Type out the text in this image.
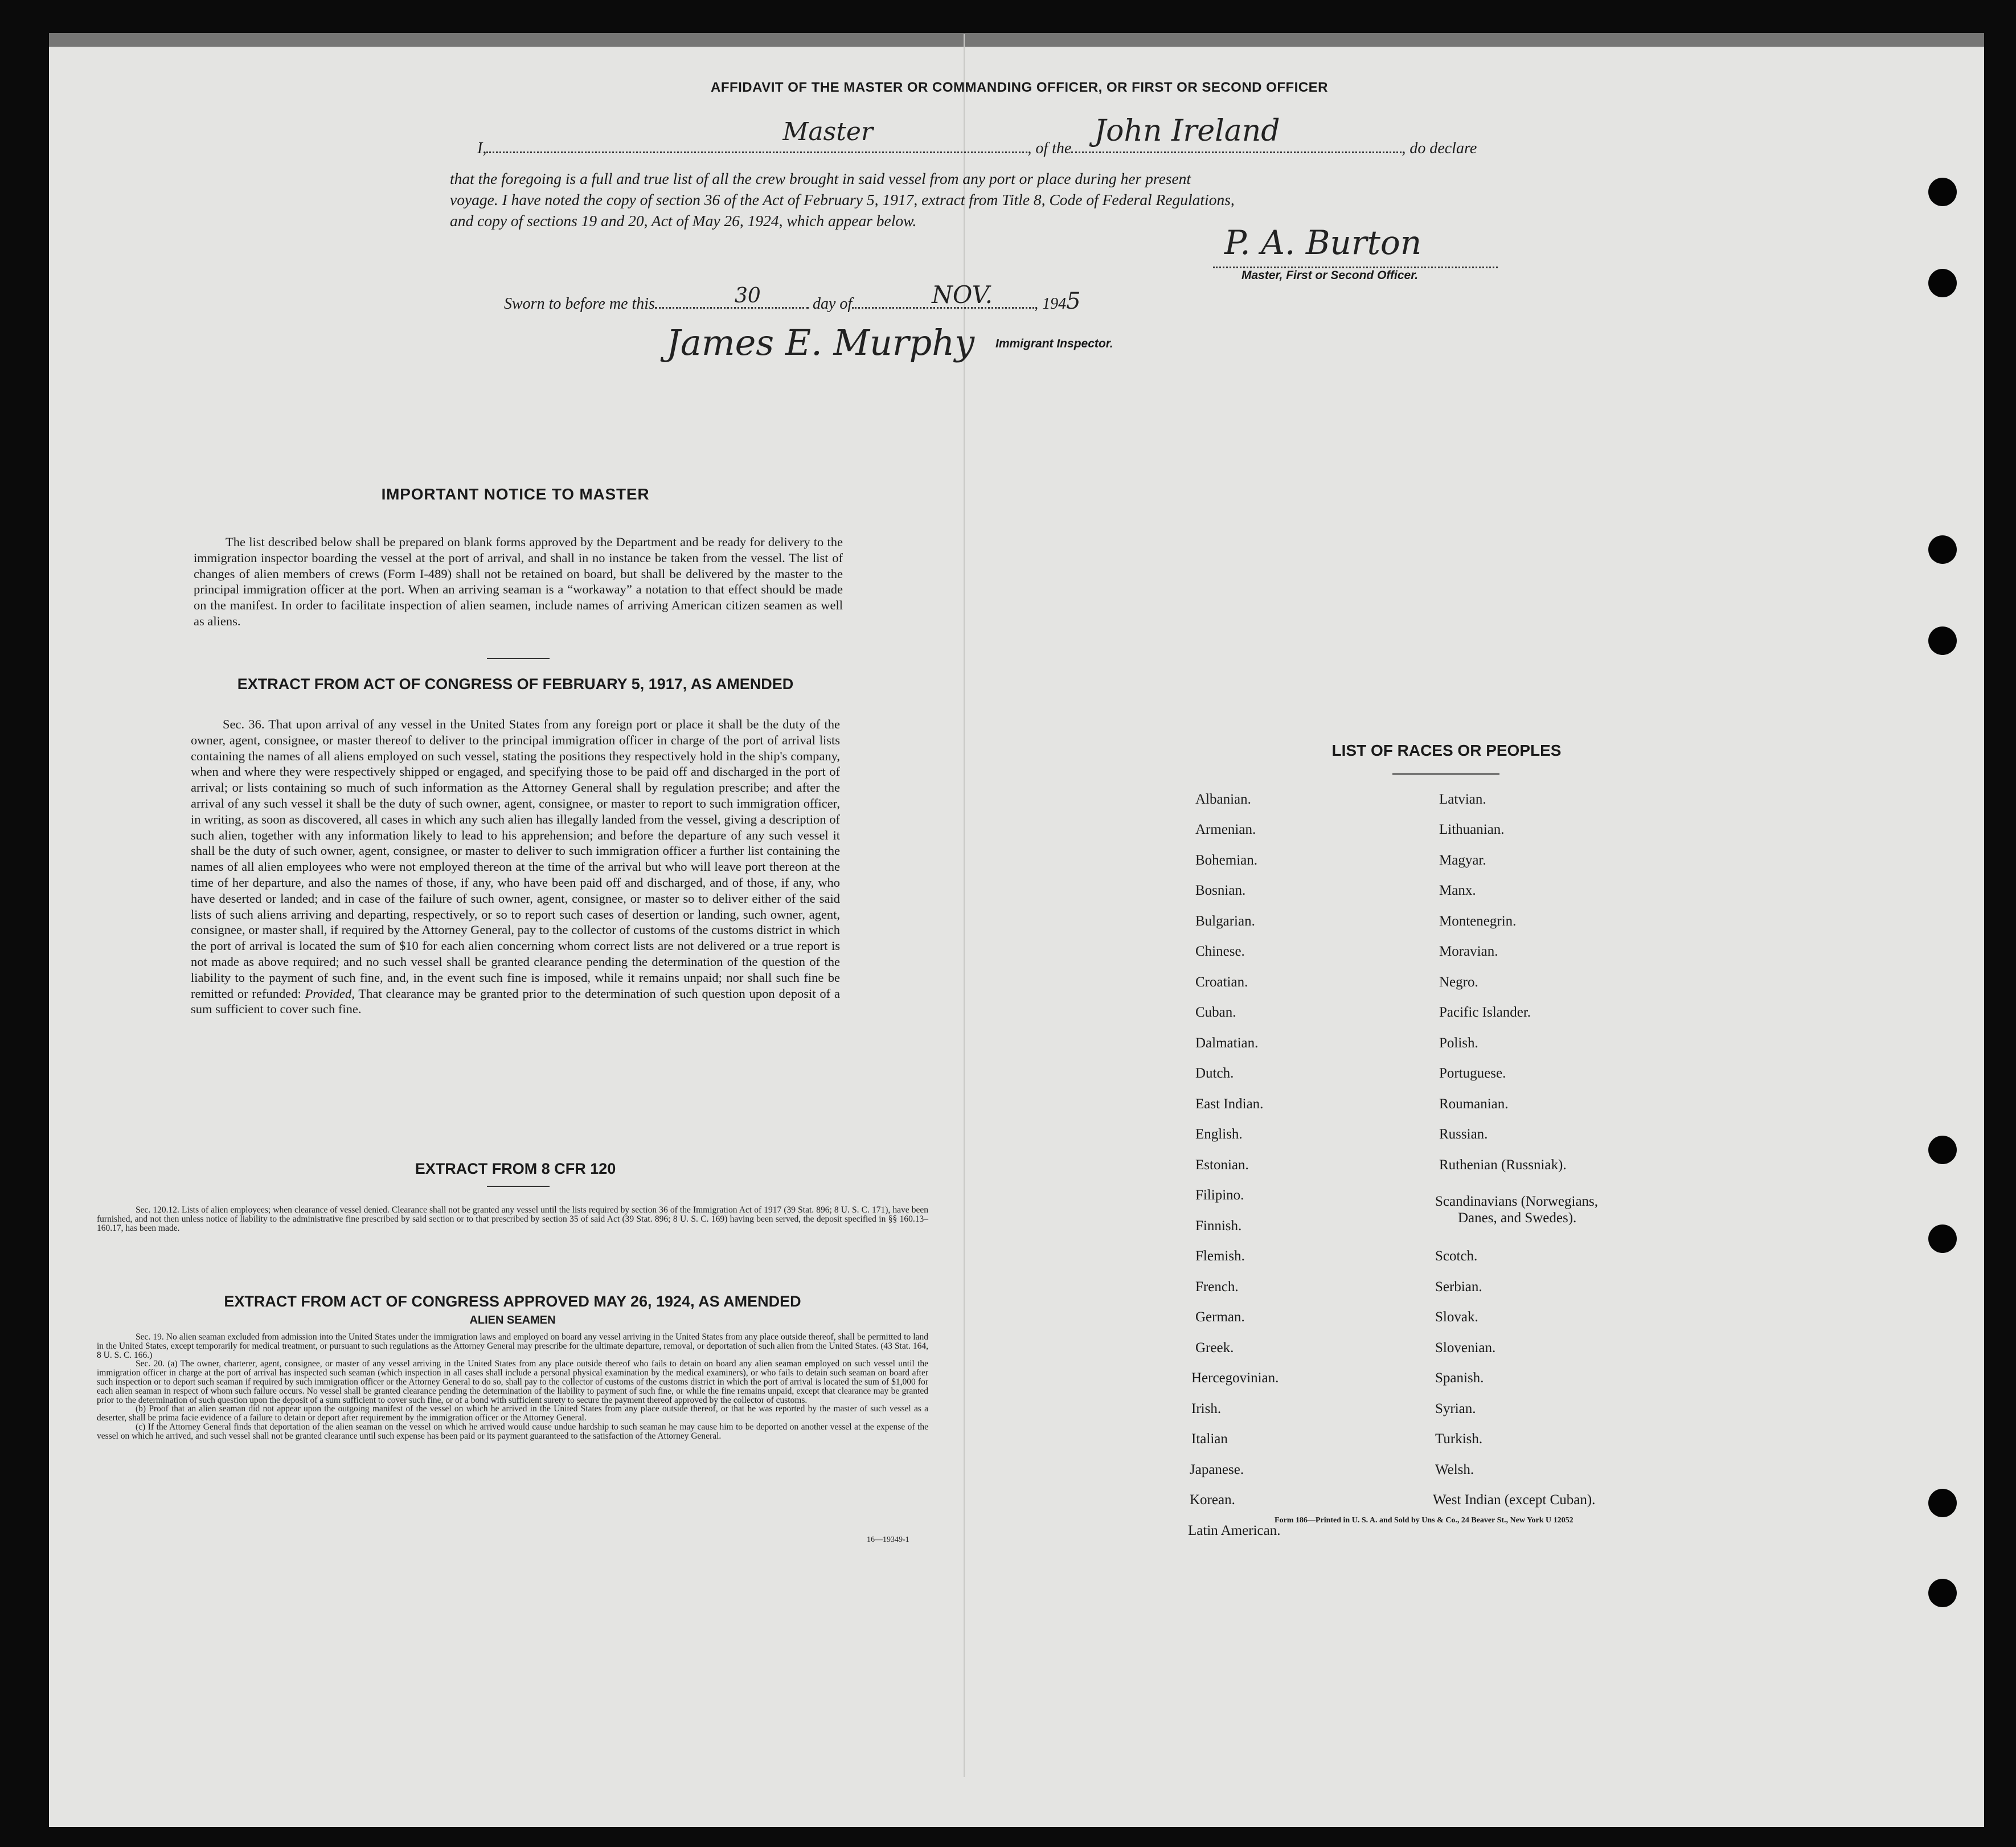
AFFIDAVIT OF THE MASTER OR COMMANDING OFFICER, OR FIRST OR SECOND OFFICER
I,
Master
, of the
John Ireland
, do declare
that the foregoing is a full and true list of all the crew brought in said vessel from any port or place during her present
voyage. I have noted the copy of section 36 of the Act of February 5, 1917, extract from Title 8, Code of Federal Regulations,
and copy of sections 19 and 20, Act of May 26, 1924, which appear below.
P. A. Burton
Master, First or Second Officer.
Sworn to before me this	30	day of	NOV.	, 1945
James E. Murphy Immigrant Inspector.
IMPORTANT NOTICE TO MASTER
The list described below shall be prepared on blank forms approved by the Department and be ready for delivery to the immigration inspector boarding the vessel at the port of arrival, and shall in no instance be taken from the vessel. The list of changes of alien members of crews (Form I-489) shall not be retained on board, but shall be delivered by the master to the principal immigration officer at the port. When an arriving seaman is a “workaway” a notation to that effect should be made on the manifest. In order to facilitate inspection of alien seamen, include names of arriving American citizen seamen as well as aliens.
EXTRACT FROM ACT OF CONGRESS OF FEBRUARY 5, 1917, AS AMENDED
Sec. 36. That upon arrival of any vessel in the United States from any foreign port or place it shall be the duty of the owner, agent, consignee, or master thereof to deliver to the principal immigration officer in charge of the port of arrival lists containing the names of all aliens employed on such vessel, stating the positions they respectively hold in the ship's company, when and where they were respectively shipped or engaged, and specifying those to be paid off and discharged in the port of arrival; or lists containing so much of such information as the Attorney General shall by regulation prescribe; and after the arrival of any such vessel it shall be the duty of such owner, agent, consignee, or master to report to such immigration officer, in writing, as soon as discovered, all cases in which any such alien has illegally landed from the vessel, giving a description of such alien, together with any information likely to lead to his apprehension; and before the departure of any such vessel it shall be the duty of such owner, agent, consignee, or master to deliver to such immigration officer a further list containing the names of all alien employees who were not employed thereon at the time of the arrival but who will leave port thereon at the time of her departure, and also the names of those, if any, who have been paid off and discharged, and of those, if any, who have deserted or landed; and in case of the failure of such owner, agent, consignee, or master so to deliver either of the said lists of such aliens arriving and departing, respectively, or so to report such cases of desertion or landing, such owner, agent, consignee, or master shall, if required by the Attorney General, pay to the collector of customs of the customs district in which the port of arrival is located the sum of $10 for each alien concerning whom correct lists are not delivered or a true report is not made as above required; and no such vessel shall be granted clearance pending the determination of the question of the liability to the payment of such fine, and, in the event such fine is imposed, while it remains unpaid; nor shall such fine be remitted or refunded: Provided, That clearance may be granted prior to the determination of such question upon deposit of a sum sufficient to cover such fine.
EXTRACT FROM 8 CFR 120
Sec. 120.12. Lists of alien employees; when clearance of vessel denied. Clearance shall not be granted any vessel until the lists required by section 36 of the Immigration Act of 1917 (39 Stat. 896; 8 U. S. C. 171), have been furnished, and not then unless notice of liability to the administrative fine prescribed by said section or to that prescribed by section 35 of said Act (39 Stat. 896; 8 U. S. C. 169) having been served, the deposit specified in §§ 160.13–160.17, has been made.
EXTRACT FROM ACT OF CONGRESS APPROVED MAY 26, 1924, AS AMENDED
ALIEN SEAMEN
Sec. 19. No alien seaman excluded from admission into the United States under the immigration laws and employed on board any vessel arriving in the United States from any place outside thereof, shall be permitted to land in the United States, except temporarily for medical treatment, or pursuant to such regulations as the Attorney General may prescribe for the ultimate departure, removal, or deportation of such alien from the United States. (43 Stat. 164, 8 U. S. C. 166.)
Sec. 20. (a) The owner, charterer, agent, consignee, or master of any vessel arriving in the United States from any place outside thereof who fails to detain on board any alien seaman employed on such vessel until the immigration officer in charge at the port of arrival has inspected such seaman (which inspection in all cases shall include a personal physical examination by the medical examiners), or who fails to detain such seaman on board after such inspection or to deport such seaman if required by such immigration officer or the Attorney General to do so, shall pay to the collector of customs of the customs district in which the port of arrival is located the sum of $1,000 for each alien seaman in respect of whom such failure occurs. No vessel shall be granted clearance pending the determination of the liability to payment of such fine, or while the fine remains unpaid, except that clearance may be granted prior to the determination of such question upon the deposit of a sum sufficient to cover such fine, or of a bond with sufficient surety to secure the payment thereof approved by the collector of customs.
(b) Proof that an alien seaman did not appear upon the outgoing manifest of the vessel on which he arrived in the United States from any place outside thereof, or that he was reported by the master of such vessel as a deserter, shall be prima facie evidence of a failure to detain or deport after requirement by the immigration officer or the Attorney General.
(c) If the Attorney General finds that deportation of the alien seaman on the vessel on which he arrived would cause undue hardship to such seaman he may cause him to be deported on another vessel at the expense of the vessel on which he arrived, and such vessel shall not be granted clearance until such expense has been paid or its payment guaranteed to the satisfaction of the Attorney General.
16—19349-1
LIST OF RACES OR PEOPLES
Albanian.
Armenian.
Bohemian.
Bosnian.
Bulgarian.
Chinese.
Croatian.
Cuban.
Dalmatian.
Dutch.
East Indian.
English.
Estonian.
Filipino.
Finnish.
Flemish.
French.
German.
Greek.
Hercegovinian.
Irish.
Italian
Japanese.
Korean.
Latin American.
Latvian.
Lithuanian.
Magyar.
Manx.
Montenegrin.
Moravian.
Negro.
Pacific Islander.
Polish.
Portuguese.
Roumanian.
Russian.
Ruthenian (Russniak).
Scandinavians (Norwegians,
Danes, and Swedes).
Scotch.
Serbian.
Slovak.
Slovenian.
Spanish.
Syrian.
Turkish.
Welsh.
West Indian (except Cuban).
Form 186—Printed in U. S. A. and Sold by Uns & Co., 24 Beaver St., New York U 12052
